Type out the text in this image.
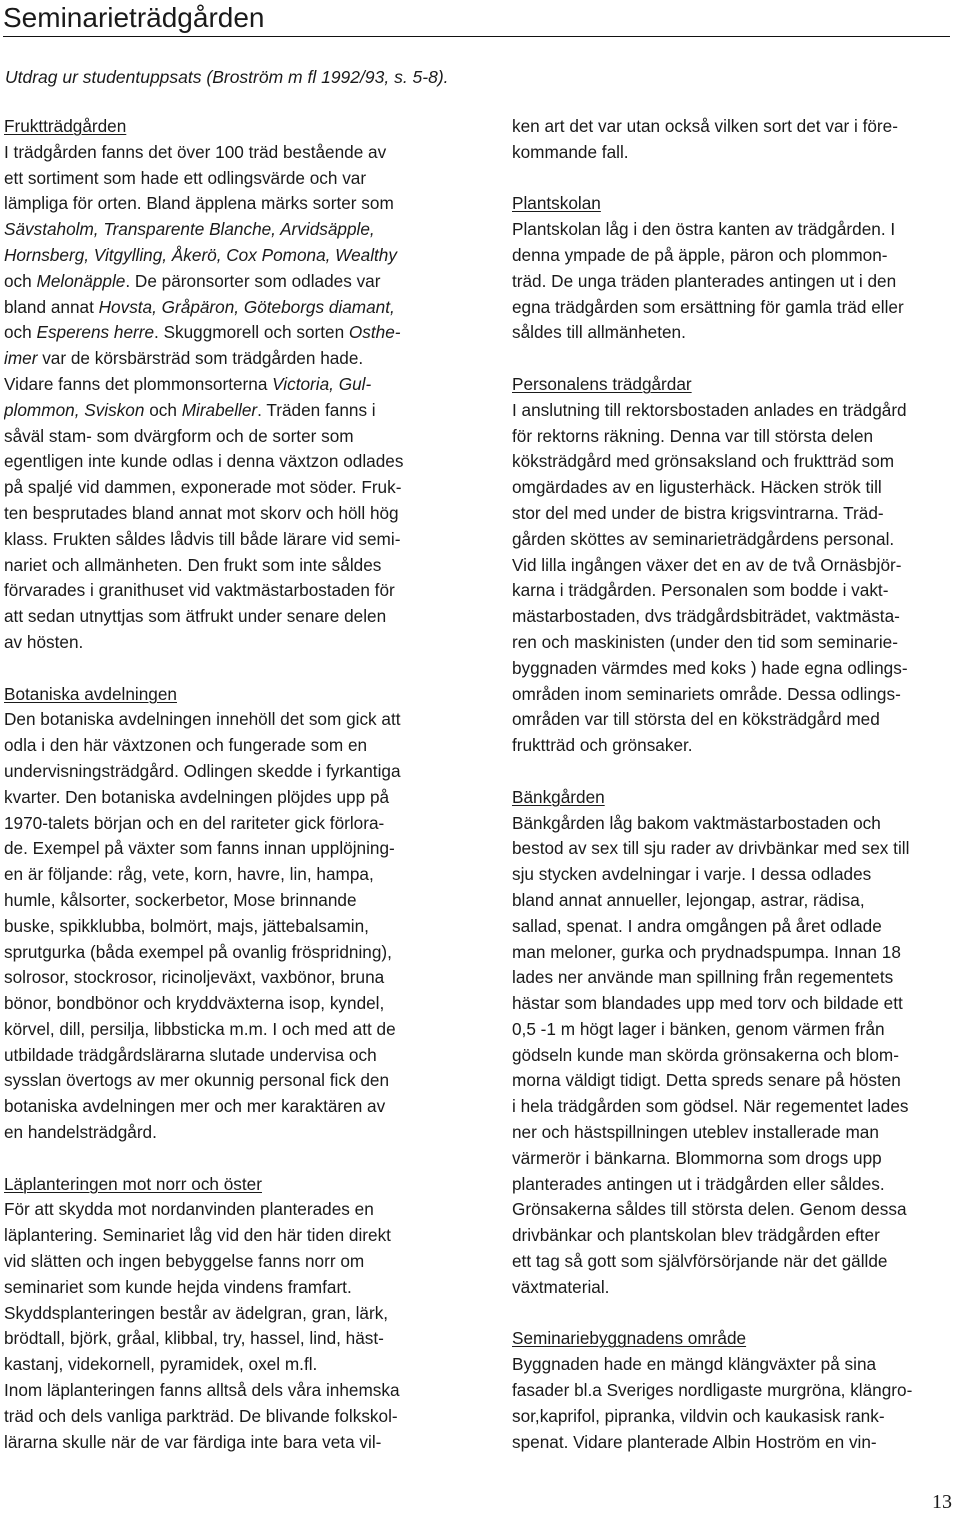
Seminarieträdgården
Utdrag ur studentuppsats (Broström m fl 1992/93, s. 5-8).
Fruktträdgården
I trädgården fanns det över 100 träd bestående av
ett sortiment som hade ett odlingsvärde och var
lämpliga för orten. Bland äpplena märks sorter som
Sävstaholm, Transparente Blanche, Arvidsäpple,
Hornsberg, Vitgylling, Åkerö, Cox Pomona, Wealthy
och Melonäpple. De päronsorter som odlades var
bland annat Hovsta, Gråpäron, Göteborgs diamant,
och Esperens herre. Skuggmorell och sorten Osthe-
imer var de körsbärsträd som trädgården hade.
Vidare fanns det plommonsorterna Victoria, Gul-
plommon, Sviskon och Mirabeller. Träden fanns i
såväl stam- som dvärgform och de sorter som
egentligen inte kunde odlas i denna växtzon odlades
på spaljé vid dammen, exponerade mot söder. Fruk-
ten besprutades bland annat mot skorv och höll hög
klass. Frukten såldes lådvis till både lärare vid semi-
nariet och allmänheten. Den frukt som inte såldes
förvarades i granithuset vid vaktmästarbostaden för
att sedan utnyttjas som ätfrukt under senare delen
av hösten.
Botaniska avdelningen
Den botaniska avdelningen innehöll det som gick att
odla i den här växtzonen och fungerade som en
undervisningsträdgård. Odlingen skedde i fyrkantiga
kvarter. Den botaniska avdelningen plöjdes upp på
1970-talets början och en del rariteter gick förlora-
de. Exempel på växter som fanns innan upplöjning-
en är följande: råg, vete, korn, havre, lin, hampa,
humle, kålsorter, sockerbetor, Mose brinnande
buske, spikklubba, bolmört, majs, jättebalsamin,
sprutgurka (båda exempel på ovanlig fröspridning),
solrosor, stockrosor, ricinoljeväxt, vaxbönor, bruna
bönor, bondbönor och kryddväxterna isop, kyndel,
körvel, dill, persilja, libbsticka m.m. I och med att de
utbildade trädgårdslärarna slutade undervisa och
sysslan övertogs av mer okunnig personal fick den
botaniska avdelningen mer och mer karaktären av
en handelsträdgård.
Läplanteringen mot norr och öster
För att skydda mot nordanvinden planterades en
läplantering. Seminariet låg vid den här tiden direkt
vid slätten och ingen bebyggelse fanns norr om
seminariet som kunde hejda vindens framfart.
Skyddsplanteringen består av ädelgran, gran, lärk,
brödtall, björk, gråal, klibbal, try, hassel, lind, häst-
kastanj, videkornell, pyramidek, oxel m.fl.
Inom läplanteringen fanns alltså dels våra inhemska
träd och dels vanliga parkträd. De blivande folkskol-
lärarna skulle när de var färdiga inte bara veta vil-
ken art det var utan också vilken sort det var i före-
kommande fall.
Plantskolan
Plantskolan låg i den östra kanten av trädgården. I
denna ympade de på äpple, päron och plommon-
träd. De unga träden planterades antingen ut i den
egna trädgården som ersättning för gamla träd eller
såldes till allmänheten.
Personalens trädgårdar
I anslutning till rektorsbostaden anlades en trädgård
för rektorns räkning. Denna var till största delen
köksträdgård med grönsaksland och fruktträd som
omgärdades av en ligusterhäck. Häcken strök till
stor del med under de bistra krigsvintrarna. Träd-
gården sköttes av seminarieträdgårdens personal.
Vid lilla ingången växer det en av de två Ornäsbjör-
karna i trädgården. Personalen som bodde i vakt-
mästarbostaden, dvs trädgårdsbiträdet, vaktmästa-
ren och maskinisten (under den tid som seminarie-
byggnaden värmdes med koks ) hade egna odlings-
områden inom seminariets område. Dessa odlings-
områden var till största del en köksträdgård med
fruktträd och grönsaker.
Bänkgården
Bänkgården låg bakom vaktmästarbostaden och
bestod av sex till sju rader av drivbänkar med sex till
sju stycken avdelningar i varje. I dessa odlades
bland annat annueller, lejongap, astrar, rädisa,
sallad, spenat. I andra omgången på året odlade
man meloner, gurka och prydnadspumpa. Innan 18
lades ner använde man spillning från regementets
hästar som blandades upp med torv och bildade ett
0,5 -1 m högt lager i bänken, genom värmen från
gödseln kunde man skörda grönsakerna och blom-
morna väldigt tidigt. Detta spreds senare på hösten
i hela trädgården som gödsel. När regementet lades
ner och hästspillningen uteblev installerade man
värmerör i bänkarna. Blommorna som drogs upp
planterades antingen ut i trädgården eller såldes.
Grönsakerna såldes till största delen. Genom dessa
drivbänkar och plantskolan blev trädgården efter
ett tag så gott som självförsörjande när det gällde
växtmaterial.
Seminariebyggnadens område
Byggnaden hade en mängd klängväxter på sina
fasader bl.a Sveriges nordligaste murgröna, klängro-
sor,kaprifol, pipranka, vildvin och kaukasisk rank-
spenat. Vidare planterade Albin Hoström en vin-
13
